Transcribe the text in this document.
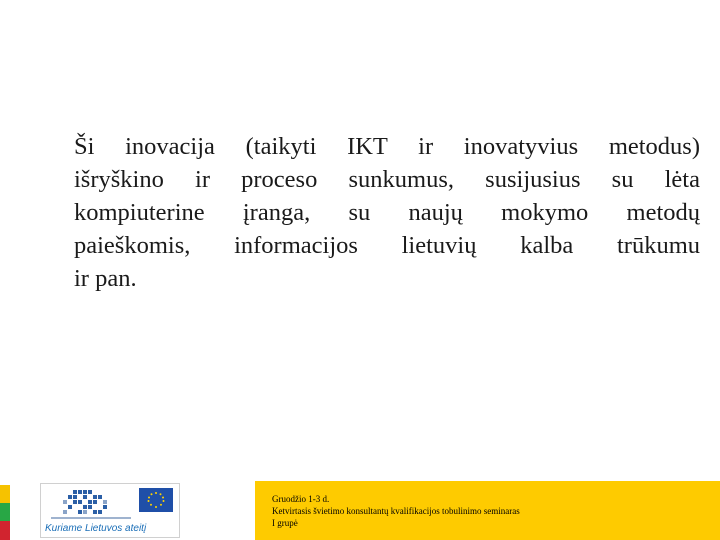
Ši inovacija (taikyti IKT ir inovatyvius metodus)
išryškino ir proceso sunkumus, susijusius su lėta
kompiuterine įranga, su naujų mokymo metodų
paieškomis, informacijos lietuvių kalba trūkumu
ir pan.
Kuriame Lietuvos ateitį
Gruodžio 1-3 d.
Ketvirtasis švietimo konsultantų kvalifikacijos tobulinimo seminaras
I grupė
